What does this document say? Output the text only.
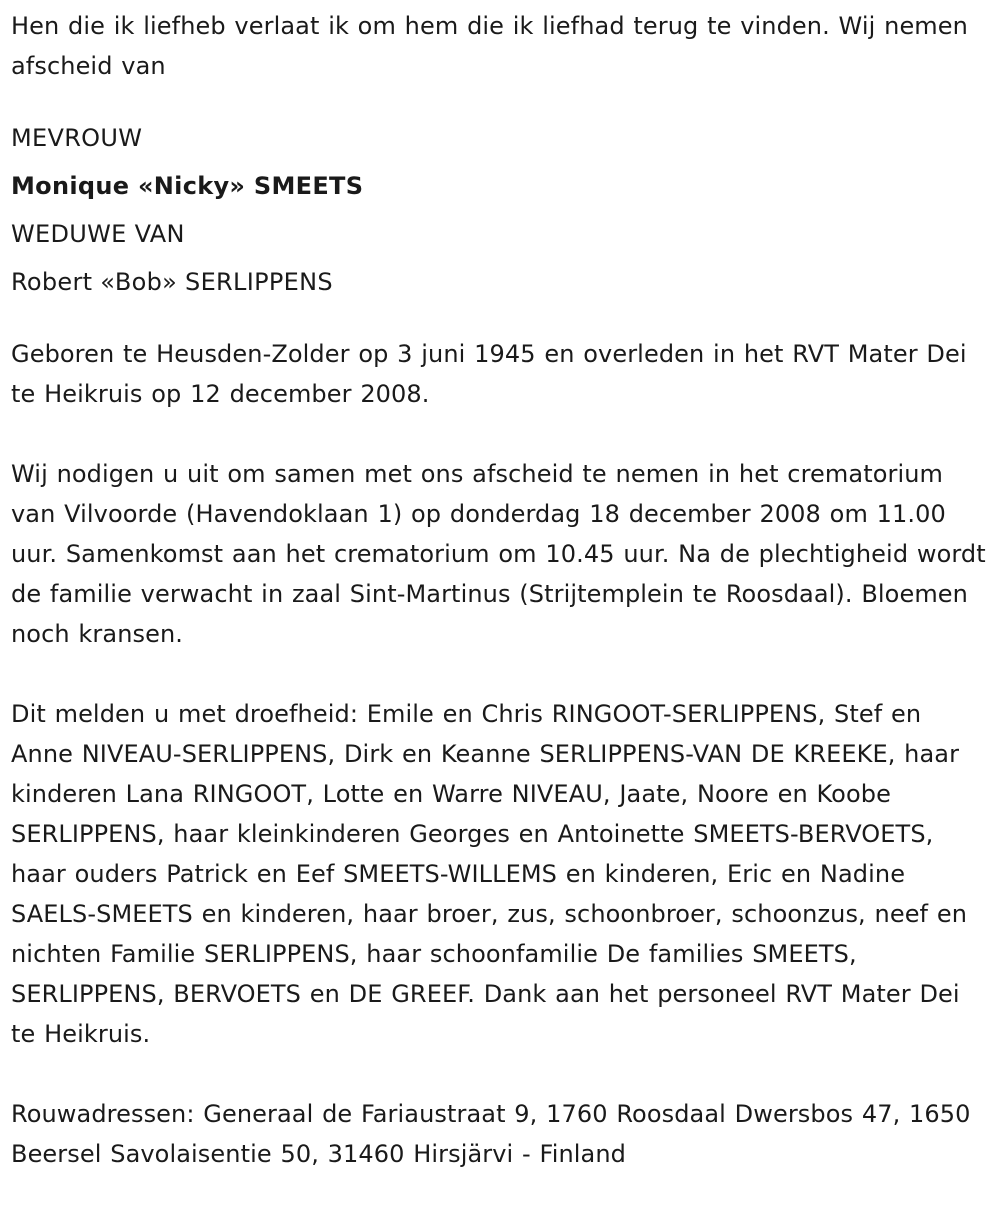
Hen die ik liefheb verlaat ik om hem die ik liefhad terug te vinden. Wij nemen afscheid van

MEVROUW

Monique «Nicky» SMEETS

WEDUWE VAN

Robert «Bob» SERLIPPENS

Geboren te Heusden-Zolder op 3 juni 1945 en overleden in het RVT Mater Dei te Heikruis op 12 december 2008.

Wij nodigen u uit om samen met ons afscheid te nemen in het crematorium van Vilvoorde (Havendoklaan 1) op donderdag 18 december 2008 om 11.00 uur. Samenkomst aan het crematorium om 10.45 uur. Na de plechtigheid wordt de familie verwacht in zaal Sint-Martinus (Strijtemplein te Roosdaal). Bloemen noch kransen.

Dit melden u met droefheid: Emile en Chris RINGOOT-SERLIPPENS, Stef en Anne NIVEAU-SERLIPPENS, Dirk en Keanne SERLIPPENS-VAN DE KREEKE, haar kinderen Lana RINGOOT, Lotte en Warre NIVEAU, Jaate, Noore en Koobe SERLIPPENS, haar kleinkinderen Georges en Antoinette SMEETS-BERVOETS, haar ouders Patrick en Eef SMEETS-WILLEMS en kinderen, Eric en Nadine SAELS-SMEETS en kinderen, haar broer, zus, schoonbroer, schoonzus, neef en nichten Familie SERLIPPENS, haar schoonfamilie De families SMEETS, SERLIPPENS, BERVOETS en DE GREEF. Dank aan het personeel RVT Mater Dei te Heikruis.

Rouwadressen: Generaal de Fariaustraat 9, 1760 Roosdaal Dwersbos 47, 1650 Beersel Savolaisentie 50, 31460 Hirsjärvi - Finland
